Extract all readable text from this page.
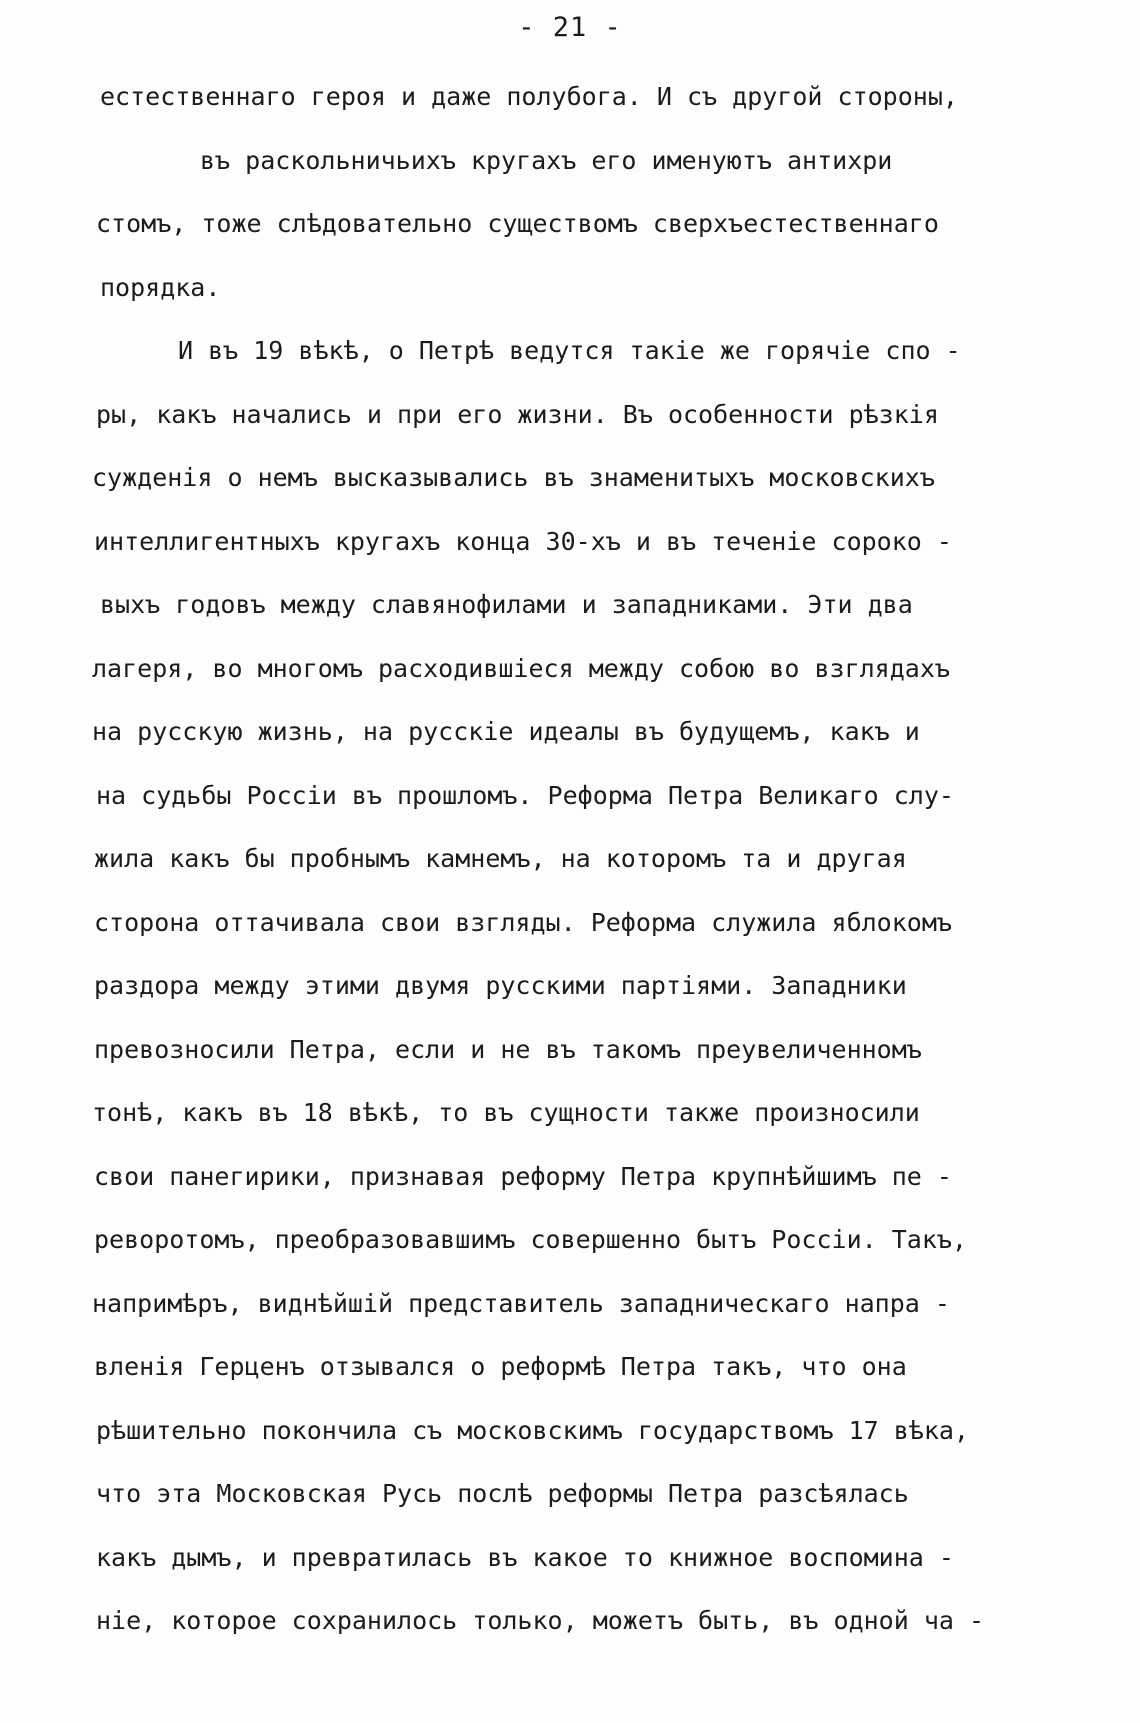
- 21 -
естественнаго героя и даже полубога. И съ другой стороны,
въ раскольничьихъ кругахъ его именуютъ антихри
стомъ, тоже слѣдовательно существомъ сверхъестественнаго
порядка.
И въ 19 вѣкѣ, о Петрѣ ведутся такіе же горячіе спо -
ры, какъ начались и при его жизни. Въ особенности рѣзкія
сужденія о немъ высказывались въ знаменитыхъ московскихъ
интеллигентныхъ кругахъ конца 30-хъ и въ теченіе сороко -
выхъ годовъ между славянофилами и западниками. Эти два
лагеря, во многомъ расходившіеся между собою во взглядахъ
на русскую жизнь, на русскіе идеалы въ будущемъ, какъ и
на судьбы Россіи въ прошломъ. Реформа Петра Великаго слу-
жила какъ бы пробнымъ камнемъ, на которомъ та и другая
сторона оттачивала свои взгляды. Реформа служила яблокомъ
раздора между этими двумя русскими партіями. Западники
превозносили Петра, если и не въ такомъ преувеличенномъ
тонѣ, какъ въ 18 вѣкѣ, то въ сущности также произносили
свои панегирики, признавая реформу Петра крупнѣйшимъ пе -
реворотомъ, преобразовавшимъ совершенно бытъ Россіи. Такъ,
напримѣръ, виднѣйшій представитель западническаго напра -
вленія Герценъ отзывался о реформѣ Петра такъ, что она
рѣшительно покончила съ московскимъ государствомъ 17 вѣка,
что эта Московская Русь послѣ реформы Петра разсѣялась
какъ дымъ, и превратилась въ какое то книжное воспомина -
ніе, которое сохранилось только, можетъ быть, въ одной ча -
